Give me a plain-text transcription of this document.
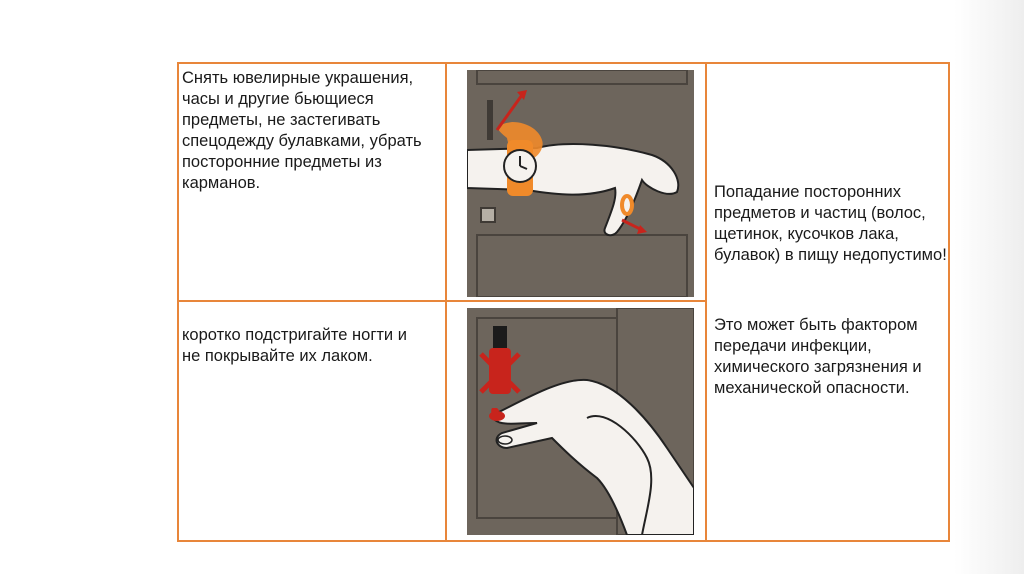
Снять ювелирные украшения, часы и другие бьющиеся предметы, не застегивать спецодежду булавками, убрать посторонние предметы из карманов.
коротко подстригайте ногти и не покрывайте их лаком.
Попадание посторонних предметов и частиц (волос, щетинок, кусочков лака, булавок) в пищу недопустимо!
Это может быть фактором передачи инфекции, химического загрязнения и механической опасности.
